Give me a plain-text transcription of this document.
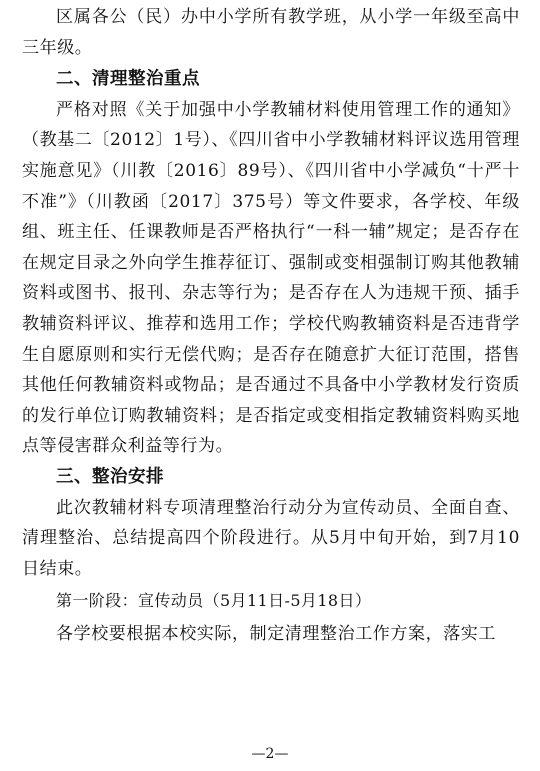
区属各公（民）办中小学所有教学班，从小学一年级至高中三年级。

二、清理整治重点

严格对照《关于加强中小学教辅材料使用管理工作的通知》（教基二〔2012〕1号）、《四川省中小学教辅材料评议选用管理实施意见》（川教〔2016〕89号）、《四川省中小学减负“十严十不准”》（川教函〔2017〕375号）等文件要求，各学校、年级组、班主任、任课教师是否严格执行“一科一辅”规定；是否存在在规定目录之外向学生推荐征订、强制或变相强制订购其他教辅资料或图书、报刊、杂志等行为；是否存在人为违规干预、插手教辅资料评议、推荐和选用工作；学校代购教辅资料是否违背学生自愿原则和实行无偿代购；是否存在随意扩大征订范围，搭售其他任何教辅资料或物品；是否通过不具备中小学教材发行资质的发行单位订购教辅资料；是否指定或变相指定教辅资料购买地点等侵害群众利益等行为。

三、整治安排

此次教辅材料专项清理整治行动分为宣传动员、全面自查、清理整治、总结提高四个阶段进行。从5月中旬开始，到7月10日结束。

第一阶段：宣传动员（5月11日-5月18日）

各学校要根据本校实际，制定清理整治工作方案，落实工

—2—
